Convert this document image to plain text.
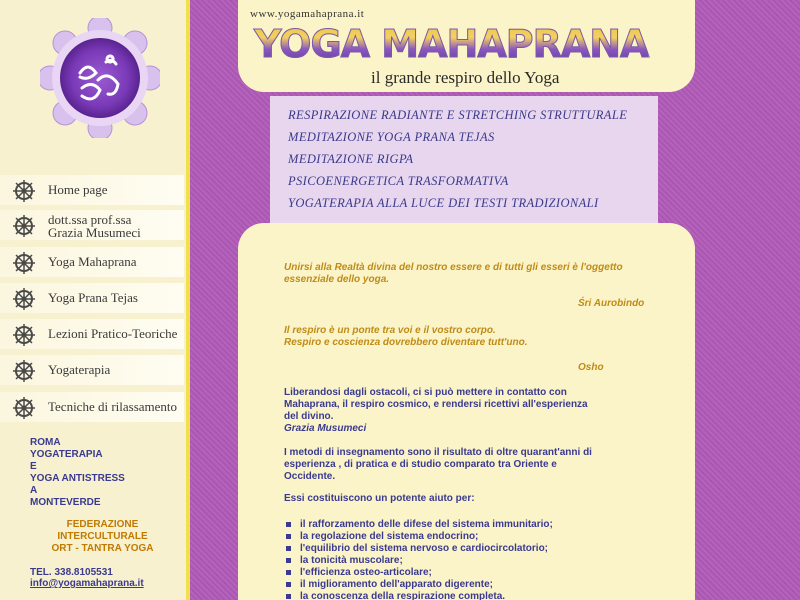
Home page
dott.ssa prof.ssa
Grazia Musumeci
Yoga Mahaprana
Yoga Prana Tejas
Lezioni Pratico-Teoriche
Yogaterapia
Tecniche di rilassamento
ROMA
YOGATERAPIA
E
YOGA ANTISTRESS
A
MONTEVERDE
FEDERAZIONE
INTERCULTURALE
ORT - TANTRA YOGA
TEL. 338.8105531
info@yogamahaprana.it
www.yogamahaprana.it
YOGA MAHAPRANA
il grande respiro dello Yoga
RESPIRAZIONE RADIANTE E STRETCHING STRUTTURALE
MEDITAZIONE YOGA PRANA TEJAS
MEDITAZIONE RIGPA
PSICOENERGETICA TRASFORMATIVA
YOGATERAPIA ALLA LUCE DEI TESTI TRADIZIONALI
Unirsi alla Realtà divina del nostro essere e di tutti gli esseri è l'oggetto
essenziale dello yoga.
Śri Aurobindo
Il respiro è un ponte tra voi e il vostro corpo.
Respiro e coscienza dovrebbero diventare tutt'uno.
Osho
Liberandosi dagli ostacoli, ci si può mettere in contatto con
Mahaprana, il respiro cosmico, e rendersi ricettivi all'esperienza
del divino.
Grazia Musumeci
I metodi di insegnamento sono il risultato di oltre quarant'anni di
esperienza , di pratica e di studio comparato tra Oriente e
Occidente.
Essi costituiscono un potente aiuto per:
il rafforzamento delle difese del sistema immunitario;
la regolazione del sistema endocrino;
l'equilibrio del sistema nervoso e cardiocircolatorio;
la tonicità muscolare;
l'efficienza osteo-articolare;
il miglioramento dell'apparato digerente;
la conoscenza della respirazione completa.
